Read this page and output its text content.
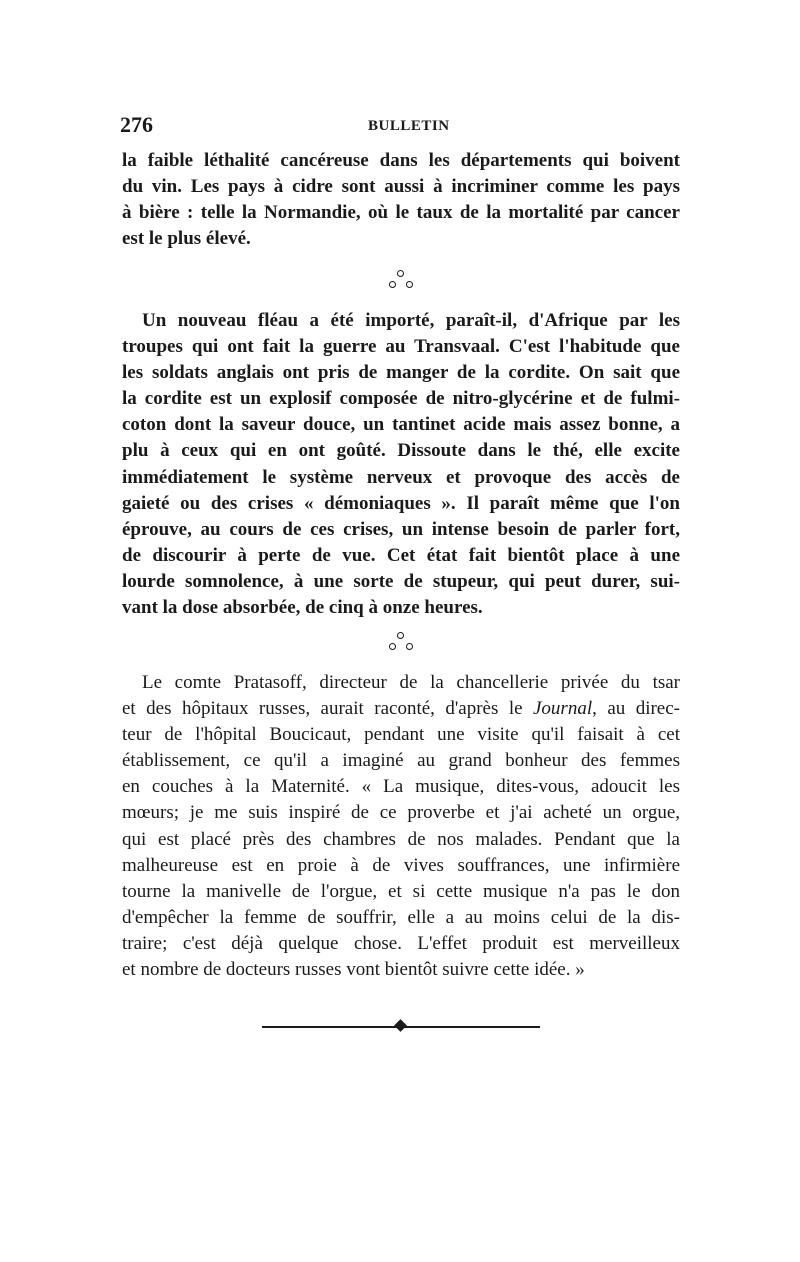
276	BULLETIN
la faible léthalité cancéreuse dans les départements qui boivent
du vin. Les pays à cidre sont aussi à incriminer comme les pays
à bière : telle la Normandie, où le taux de la mortalité par cancer
est le plus élevé.
Un nouveau fléau a été importé, paraît-il, d'Afrique par les
troupes qui ont fait la guerre au Transvaal. C'est l'habitude que
les soldats anglais ont pris de manger de la cordite. On sait que
la cordite est un explosif composée de nitro-glycérine et de fulmi-
coton dont la saveur douce, un tantinet acide mais assez bonne, a
plu à ceux qui en ont goûté. Dissoute dans le thé, elle excite
immédiatement le système nerveux et provoque des accès de
gaieté ou des crises « démoniaques ». Il paraît même que l'on
éprouve, au cours de ces crises, un intense besoin de parler fort,
de discourir à perte de vue. Cet état fait bientôt place à une
lourde somnolence, à une sorte de stupeur, qui peut durer, sui-
vant la dose absorbée, de cinq à onze heures.
Le comte Pratasoff, directeur de la chancellerie privée du tsar
et des hôpitaux russes, aurait raconté, d'après le Journal, au direc-
teur de l'hôpital Boucicaut, pendant une visite qu'il faisait à cet
établissement, ce qu'il a imaginé au grand bonheur des femmes
en couches à la Maternité. « La musique, dites-vous, adoucit les
mœurs; je me suis inspiré de ce proverbe et j'ai acheté un orgue,
qui est placé près des chambres de nos malades. Pendant que la
malheureuse est en proie à de vives souffrances, une infirmière
tourne la manivelle de l'orgue, et si cette musique n'a pas le don
d'empêcher la femme de souffrir, elle a au moins celui de la dis-
traire; c'est déjà quelque chose. L'effet produit est merveilleux
et nombre de docteurs russes vont bientôt suivre cette idée. »
